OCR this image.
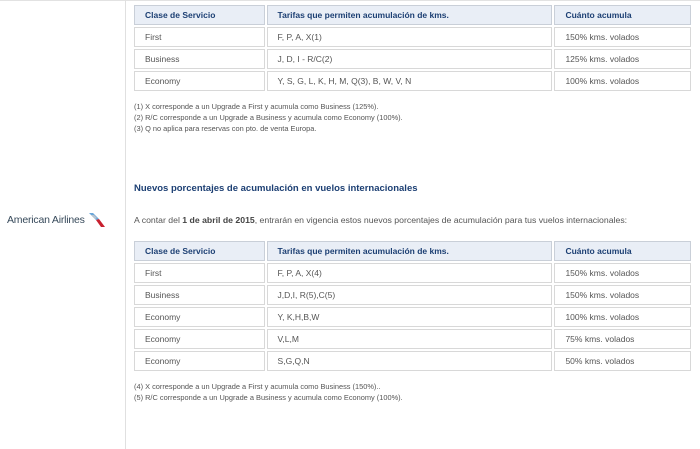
American Airlines
Clase de Servicio	Tarifas que permiten acumulación de kms.	Cuánto acumula
First	F, P, A, X(1)	150% kms. volados
Business	J, D, I - R/C(2)	125% kms. volados
Economy	Y, S, G, L, K, H, M, Q(3), B, W, V, N	100% kms. volados

(1) X corresponde a un Upgrade a First y acumula como Business (125%).

(2) R/C corresponde a un Upgrade a Business y acumula como Economy (100%).

(3) Q no aplica para reservas con pto. de venta Europa.

Nuevos porcentajes de acumulación en vuelos internacionales

A contar del 1 de abril de 2015, entrarán en vigencia estos nuevos porcentajes de acumulación para tus vuelos internacionales:

Clase de Servicio	Tarifas que permiten acumulación de kms.	Cuánto acumula
First	F, P, A, X(4)	150% kms. volados
Business	J,D,I, R(5),C(5)	150% kms. volados
Economy	Y, K,H,B,W	100% kms. volados
Economy	V,L,M	75% kms. volados
Economy	S,G,Q,N	50% kms. volados

(4) X corresponde a un Upgrade a First y acumula como Business (150%)..

(5) R/C corresponde a un Upgrade a Business y acumula como Economy (100%).
